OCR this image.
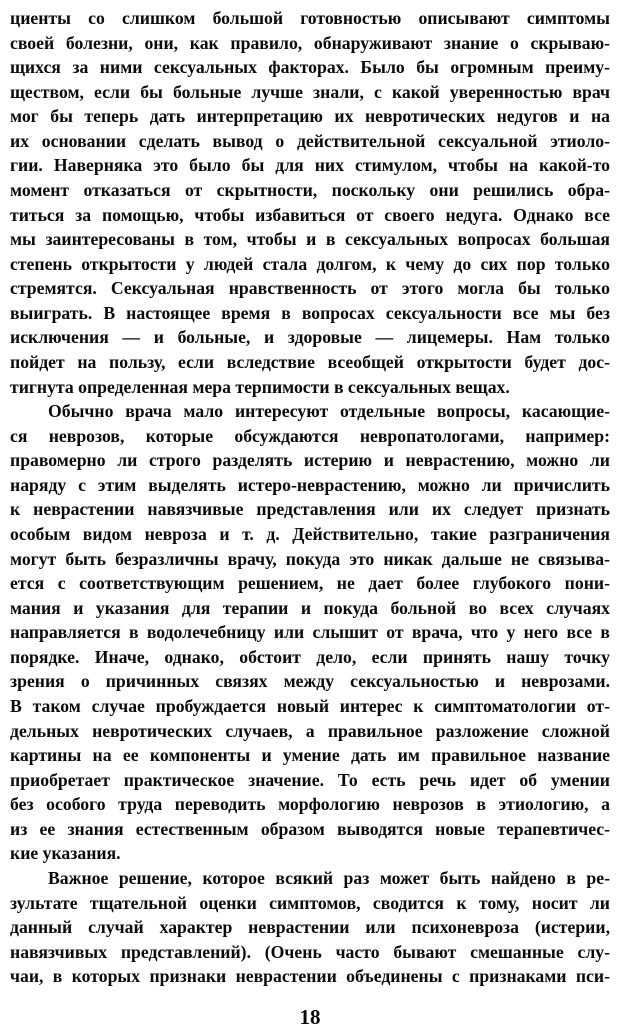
циенты со слишком большой готовностью описывают симптомы
своей болезни, они, как правило, обнаруживают знание о скрываю-
щихся за ними сексуальных факторах. Было бы огромным преиму-
ществом, если бы больные лучше знали, с какой уверенностью врач
мог бы теперь дать интерпретацию их невротических недугов и на
их основании сделать вывод о действительной сексуальной этиоло-
гии. Наверняка это было бы для них стимулом, чтобы на какой-то
момент отказаться от скрытности, поскольку они решились обра-
титься за помощью, чтобы избавиться от своего недуга. Однако все
мы заинтересованы в том, чтобы и в сексуальных вопросах большая
степень открытости у людей стала долгом, к чему до сих пор только
стремятся. Сексуальная нравственность от этого могла бы только
выиграть. В настоящее время в вопросах сексуальности все мы без
исключения — и больные, и здоровые — лицемеры. Нам только
пойдет на пользу, если вследствие всеобщей открытости будет дос-
тигнута определенная мера терпимости в сексуальных вещах.
Обычно врача мало интересуют отдельные вопросы, касающие-
ся неврозов, которые обсуждаются невропатологами, например:
правомерно ли строго разделять истерию и неврастению, можно ли
наряду с этим выделять истеро-неврастению, можно ли причислить
к неврастении навязчивые представления или их следует признать
особым видом невроза и т. д. Действительно, такие разграничения
могут быть безразличны врачу, покуда это никак дальше не связыва-
ется с соответствующим решением, не дает более глубокого пони-
мания и указания для терапии и покуда больной во всех случаях
направляется в водолечебницу или слышит от врача, что у него все в
порядке. Иначе, однако, обстоит дело, если принять нашу точку
зрения о причинных связях между сексуальностью и неврозами.
В таком случае пробуждается новый интерес к симптоматологии от-
дельных невротических случаев, а правильное разложение сложной
картины на ее компоненты и умение дать им правильное название
приобретает практическое значение. То есть речь идет об умении
без особого труда переводить морфологию неврозов в этиологию, а
из ее знания естественным образом выводятся новые терапевтичес-
кие указания.
Важное решение, которое всякий раз может быть найдено в ре-
зультате тщательной оценки симптомов, сводится к тому, носит ли
данный случай характер неврастении или психоневроза (истерии,
навязчивых представлений). (Очень часто бывают смешанные слу-
чаи, в которых признаки неврастении объединены с признаками пси-
18
